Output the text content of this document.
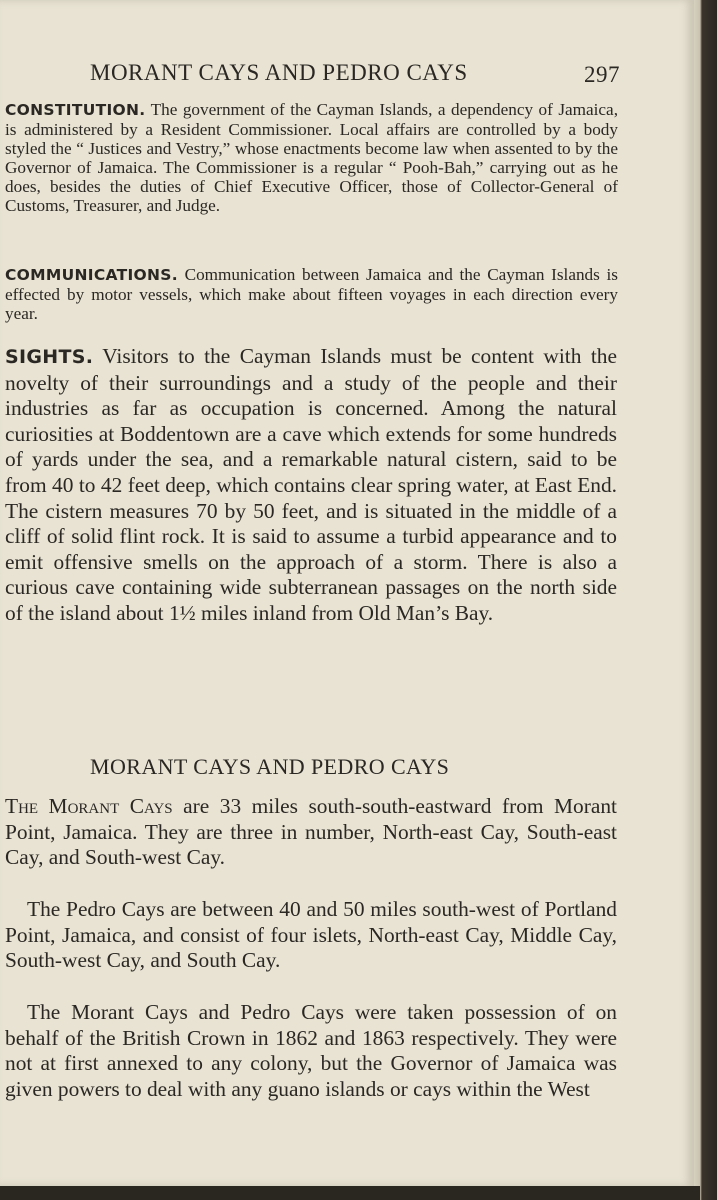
MORANT CAYS AND PEDRO CAYS	297

CONSTITUTION. The government of the Cayman Islands, a dependency of Jamaica, is administered by a Resident Commissioner. Local affairs are controlled by a body styled the “ Justices and Vestry,” whose enactments become law when assented to by the Governor of Jamaica. The Commissioner is a regular “ Pooh-Bah,” carrying out as he does, besides the duties of Chief Executive Officer, those of Collector-General of Customs, Treasurer, and Judge.

COMMUNICATIONS. Communication between Jamaica and the Cayman Islands is effected by motor vessels, which make about fifteen voyages in each direction every year.

SIGHTS. Visitors to the Cayman Islands must be content with the novelty of their surroundings and a study of the people and their industries as far as occupation is concerned. Among the natural curiosities at Boddentown are a cave which extends for some hundreds of yards under the sea, and a remarkable natural cistern, said to be from 40 to 42 feet deep, which contains clear spring water, at East End. The cistern measures 70 by 50 feet, and is situated in the middle of a cliff of solid flint rock. It is said to assume a turbid appearance and to emit offensive smells on the approach of a storm. There is also a curious cave containing wide subterranean passages on the north side of the island about 1½ miles inland from Old Man’s Bay.

MORANT CAYS AND PEDRO CAYS

The Morant Cays are 33 miles south-south-eastward from Morant Point, Jamaica. They are three in number, North-east Cay, South-east Cay, and South-west Cay.

The Pedro Cays are between 40 and 50 miles south-west of Portland Point, Jamaica, and consist of four islets, North-east Cay, Middle Cay, South-west Cay, and South Cay.

The Morant Cays and Pedro Cays were taken possession of on behalf of the British Crown in 1862 and 1863 respectively. They were not at first annexed to any colony, but the Governor of Jamaica was given powers to deal with any guano islands or cays within the West
